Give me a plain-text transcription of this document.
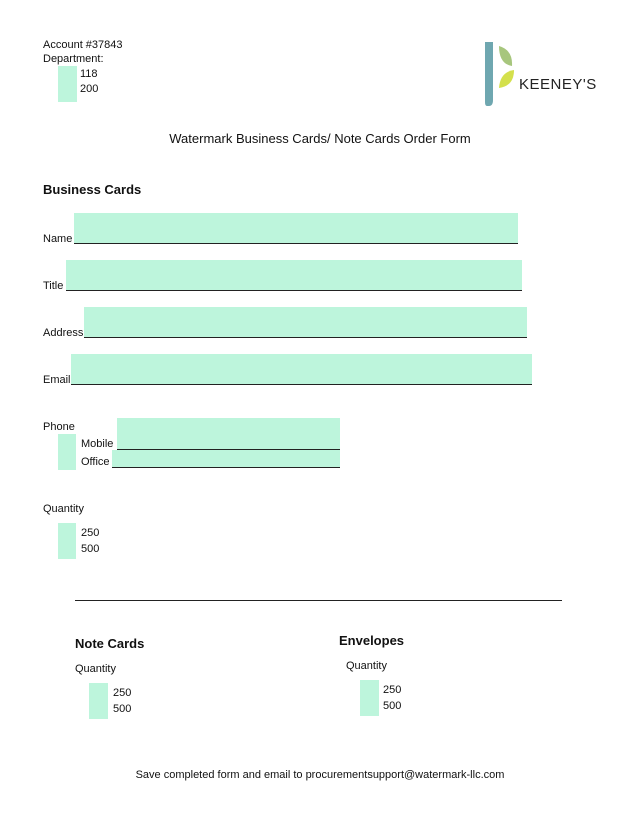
Account #37843
Department:
118
200	KEENEY'S
Watermark Business Cards/ Note Cards Order Form
Business Cards
Name
Title
Address
Email
Phone
Mobile
Office
Quantity
250
500
Note Cards
Quantity
250
500
Envelopes
Quantity
250
500
Save completed form and email to procurementsupport@watermark-llc.com
